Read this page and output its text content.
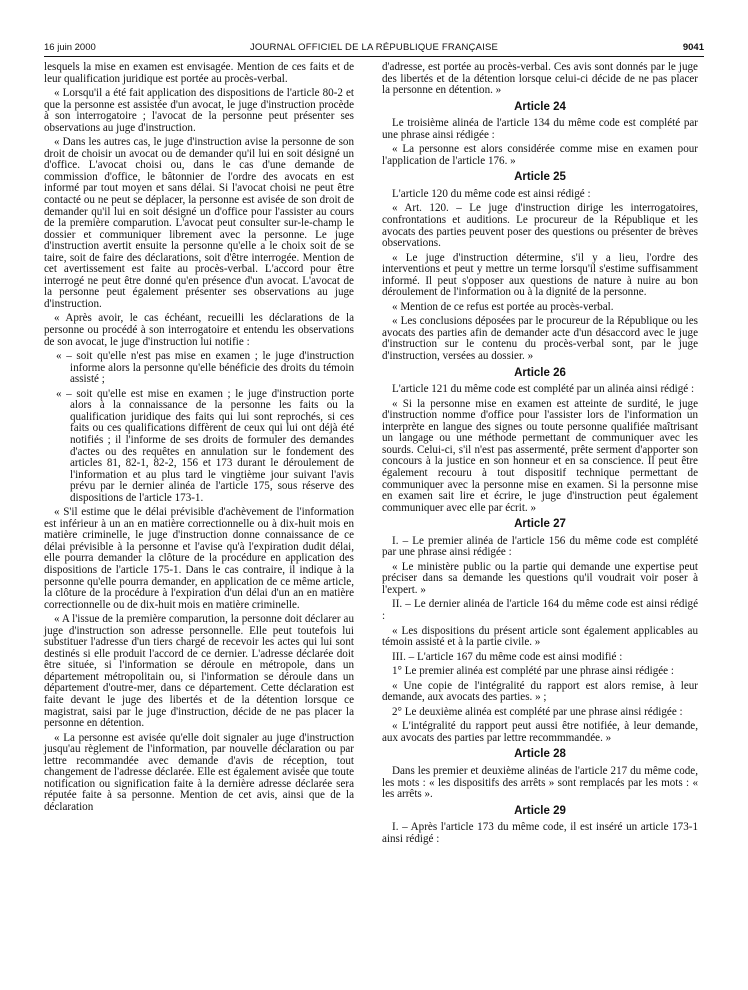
16 juin 2000	JOURNAL OFFICIEL DE LA RÉPUBLIQUE FRANÇAISE	9041

lesquels la mise en examen est envisagée. Mention de ces faits et de leur qualification juridique est portée au procès-verbal.

« Lorsqu'il a été fait application des dispositions de l'article 80-2 et que la personne est assistée d'un avocat, le juge d'instruction procède à son interrogatoire ; l'avocat de la personne peut présenter ses observations au juge d'instruction.

« Dans les autres cas, le juge d'instruction avise la personne de son droit de choisir un avocat ou de demander qu'il lui en soit désigné un d'office. L'avocat choisi ou, dans le cas d'une demande de commission d'office, le bâtonnier de l'ordre des avocats en est informé par tout moyen et sans délai. Si l'avocat choisi ne peut être contacté ou ne peut se déplacer, la personne est avisée de son droit de demander qu'il lui en soit désigné un d'office pour l'assister au cours de la première comparution. L'avocat peut consulter sur-le-champ le dossier et communiquer librement avec la personne. Le juge d'instruction avertit ensuite la personne qu'elle a le choix soit de se taire, soit de faire des déclarations, soit d'être interrogée. Mention de cet avertissement est faite au procès-verbal. L'accord pour être interrogé ne peut être donné qu'en présence d'un avocat. L'avocat de la personne peut également présenter ses observations au juge d'instruction.

« Après avoir, le cas échéant, recueilli les déclarations de la personne ou procédé à son interrogatoire et entendu les observations de son avocat, le juge d'instruction lui notifie :

« – soit qu'elle n'est pas mise en examen ; le juge d'instruction informe alors la personne qu'elle bénéficie des droits du témoin assisté ;

« – soit qu'elle est mise en examen ; le juge d'instruction porte alors à la connaissance de la personne les faits ou la qualification juridique des faits qui lui sont reprochés, si ces faits ou ces qualifications diffèrent de ceux qui lui ont déjà été notifiés ; il l'informe de ses droits de formuler des demandes d'actes ou des requêtes en annulation sur le fondement des articles 81, 82-1, 82-2, 156 et 173 durant le déroulement de l'information et au plus tard le vingtième jour suivant l'avis prévu par le dernier alinéa de l'article 175, sous réserve des dispositions de l'article 173-1.

« S'il estime que le délai prévisible d'achèvement de l'information est inférieur à un an en matière correctionnelle ou à dix-huit mois en matière criminelle, le juge d'instruction donne connaissance de ce délai prévisible à la personne et l'avise qu'à l'expiration dudit délai, elle pourra demander la clôture de la procédure en application des dispositions de l'article 175-1. Dans le cas contraire, il indique à la personne qu'elle pourra demander, en application de ce même article, la clôture de la procédure à l'expiration d'un délai d'un an en matière correctionnelle ou de dix-huit mois en matière criminelle.

« A l'issue de la première comparution, la personne doit déclarer au juge d'instruction son adresse personnelle. Elle peut toutefois lui substituer l'adresse d'un tiers chargé de recevoir les actes qui lui sont destinés si elle produit l'accord de ce dernier. L'adresse déclarée doit être située, si l'information se déroule en métropole, dans un département métropolitain ou, si l'information se déroule dans un département d'outre-mer, dans ce département. Cette déclaration est faite devant le juge des libertés et de la détention lorsque ce magistrat, saisi par le juge d'instruction, décide de ne pas placer la personne en détention.

« La personne est avisée qu'elle doit signaler au juge d'instruction jusqu'au règlement de l'information, par nouvelle déclaration ou par lettre recommandée avec demande d'avis de réception, tout changement de l'adresse déclarée. Elle est également avisée que toute notification ou signification faite à la dernière adresse déclarée sera réputée faite à sa personne. Mention de cet avis, ainsi que de la déclaration

d'adresse, est portée au procès-verbal. Ces avis sont donnés par le juge des libertés et de la détention lorsque celui-ci décide de ne pas placer la personne en détention. »

Article 24

Le troisième alinéa de l'article 134 du même code est complété par une phrase ainsi rédigée :

« La personne est alors considérée comme mise en examen pour l'application de l'article 176. »

Article 25

L'article 120 du même code est ainsi rédigé :

« Art. 120. – Le juge d'instruction dirige les interrogatoires, confrontations et auditions. Le procureur de la République et les avocats des parties peuvent poser des questions ou présenter de brèves observations.

« Le juge d'instruction détermine, s'il y a lieu, l'ordre des interventions et peut y mettre un terme lorsqu'il s'estime suffisamment informé. Il peut s'opposer aux questions de nature à nuire au bon déroulement de l'information ou à la dignité de la personne.

« Mention de ce refus est portée au procès-verbal.

« Les conclusions déposées par le procureur de la République ou les avocats des parties afin de demander acte d'un désaccord avec le juge d'instruction sur le contenu du procès-verbal sont, par le juge d'instruction, versées au dossier. »

Article 26

L'article 121 du même code est complété par un alinéa ainsi rédigé :

« Si la personne mise en examen est atteinte de surdité, le juge d'instruction nomme d'office pour l'assister lors de l'information un interprète en langue des signes ou toute personne qualifiée maîtrisant un langage ou une méthode permettant de communiquer avec les sourds. Celui-ci, s'il n'est pas assermenté, prête serment d'apporter son concours à la justice en son honneur et en sa conscience. Il peut être également recouru à tout dispositif technique permettant de communiquer avec la personne mise en examen. Si la personne mise en examen sait lire et écrire, le juge d'instruction peut également communiquer avec elle par écrit. »

Article 27

I. – Le premier alinéa de l'article 156 du même code est complété par une phrase ainsi rédigée :

« Le ministère public ou la partie qui demande une expertise peut préciser dans sa demande les questions qu'il voudrait voir poser à l'expert. »

II. – Le dernier alinéa de l'article 164 du même code est ainsi rédigé :

« Les dispositions du présent article sont également applicables au témoin assisté et à la partie civile. »

III. – L'article 167 du même code est ainsi modifié :

1° Le premier alinéa est complété par une phrase ainsi rédigée :

« Une copie de l'intégralité du rapport est alors remise, à leur demande, aux avocats des parties. » ;

2° Le deuxième alinéa est complété par une phrase ainsi rédigée :

« L'intégralité du rapport peut aussi être notifiée, à leur demande, aux avocats des parties par lettre recommmandée. »

Article 28

Dans les premier et deuxième alinéas de l'article 217 du même code, les mots : « les dispositifs des arrêts » sont remplacés par les mots : « les arrêts ».

Article 29

I. – Après l'article 173 du même code, il est inséré un article 173-1 ainsi rédigé :
